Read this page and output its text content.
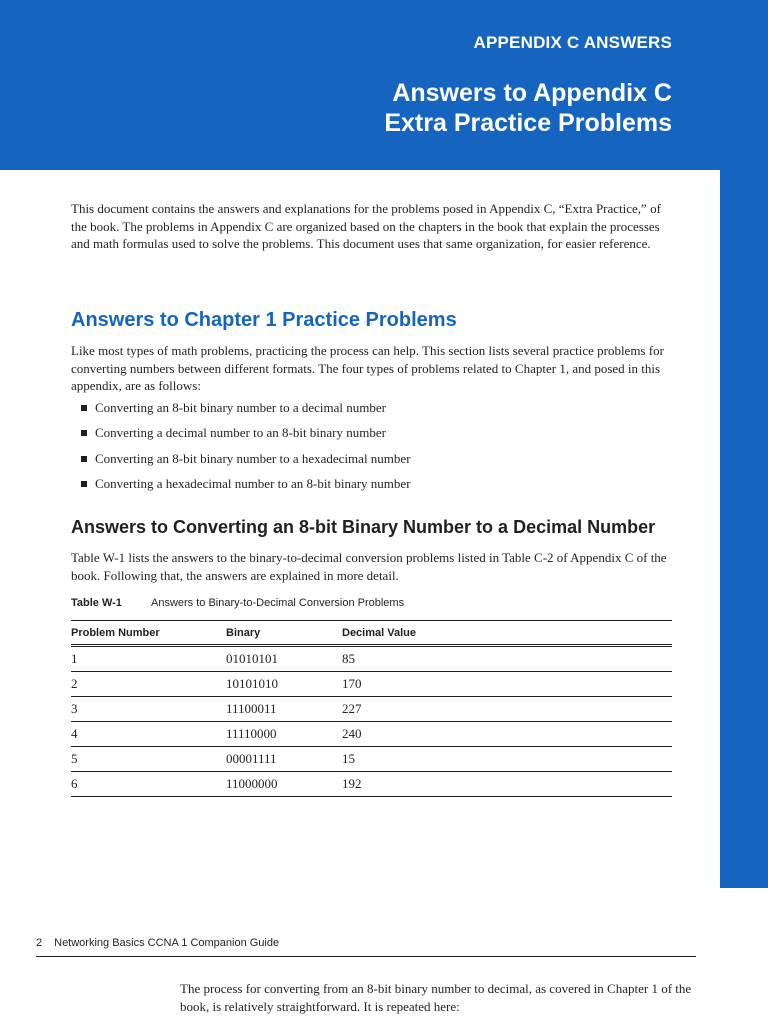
APPENDIX C ANSWERS
Answers to Appendix C
Extra Practice Problems

This document contains the answers and explanations for the problems posed in Appendix C, “Extra Practice,” of the book. The problems in Appendix C are organized based on the chapters in the book that explain the processes and math formulas used to solve the problems. This document uses that same organization, for easier reference.

Answers to Chapter 1 Practice Problems

Like most types of math problems, practicing the process can help. This section lists several practice problems for converting numbers between different formats. The four types of problems related to Chapter 1, and posed in this appendix, are as follows:

Converting an 8-bit binary number to a decimal number
Converting a decimal number to an 8-bit binary number
Converting an 8-bit binary number to a hexadecimal number
Converting a hexadecimal number to an 8-bit binary number
Answers to Converting an 8-bit Binary Number to a Decimal Number

Table W-1 lists the answers to the binary-to-decimal conversion problems listed in Table C-2 of Appendix C of the book. Following that, the answers are explained in more detail.

Table W-1	Answers to Binary-to-Decimal Conversion Problems
Problem Number	Binary	Decimal Value
1	01010101	85
2	10101010	170
3	11100011	227
4	11110000	240
5	00001111	15
6	11000000	192
2 Networking Basics CCNA 1 Companion Guide

The process for converting from an 8-bit binary number to decimal, as covered in Chapter 1 of the book, is relatively straightforward. It is repeated here:
